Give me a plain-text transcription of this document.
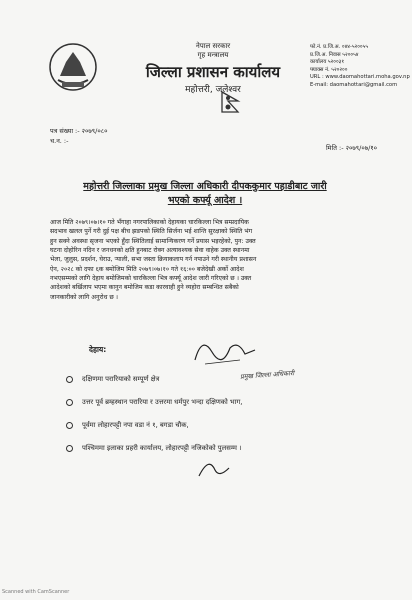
नेपाल सरकार
गृह मन्त्रालय
जिल्ला प्रशासन कार्यालय
महोत्तरी, जलेश्वर
फो.नं. प्र.जि.अ. ०४४-५२००५५
प्र.जि.अ. निवास ५२००५४
कार्यालय ५२००३१
फ्याक्स नं. ५२०२००
URL : www.daomahottari.moha.gov.np
E-mail: daomahottari@gmail.com
पत्र संख्या :- २०७९/०८०
च.न. :-
मिति :- २०७९/०७/१०
महोत्तरी जिल्लाका प्रमुख जिल्ला अधिकारी दीपककुमार पहाडीबाट जारी
भएको कर्फ्यू आदेश ।
आज मिति २०७९।०७।१० गते भँगाहा नगरपालिकाको देहायका चारकिल्ला भित्र सम्प्रदायिक
सदभाव खलल पुर्ने गरी दुई पक्ष बीच झडपको स्थिति सिर्जना भई शान्ति सुरक्षाको स्थिति भंग
हुन सक्ने अवस्था सृजना भएको हुँदा स्थितिलाई सामान्यिकरण गर्ने प्रयास भइरहेको, पुन: उक्त
घटना दोहोरिन नदिन र जनधनको क्षति हुनबाट रोक्न अत्यावश्यक सेवा वाहेक उक्त स्थानमा
भेला, जुलुस, प्रदर्शन, घेराउ, ऱ्याली, सभा जस्ता क्रियाकलाप गर्न नपाउने गरी स्थानीय प्रशासन
ऐन, २०२८ को दफा ६क बमोजिम मिति २०७९।०७।१० गते १६:०० बजेदेखी अर्को आदेश
नभएसम्मको लागि देहाय बमोजिमको चारकिल्ला भित्र कर्फ्यू आदेश जारी गरिएको छ । उक्त
आदेशको बर्खिलाप भएमा कानुन बमोजिम कडा कारवाही हुने व्यहोरा सम्बन्धित सबैको
जानकारीको लागि अनुरोध छ ।
प्रमुख जिल्ला अधिकारी
देहाय:
दक्षिणमा परारियाको सम्पूर्ण क्षेत्र
उत्तर पूर्व ब्रम्हस्थान परारिया र उत्तरमा धर्मपुर भन्दा दक्षिणको भाग,
पूर्वमा लोहारपट्टी नपा वडा नं १, बगडा चौक,
पश्चिममा इलाका प्रहरी कार्यालय, लोहारपट्टी नजिकोको पुलसम्म ।
Scanned with CamScanner
